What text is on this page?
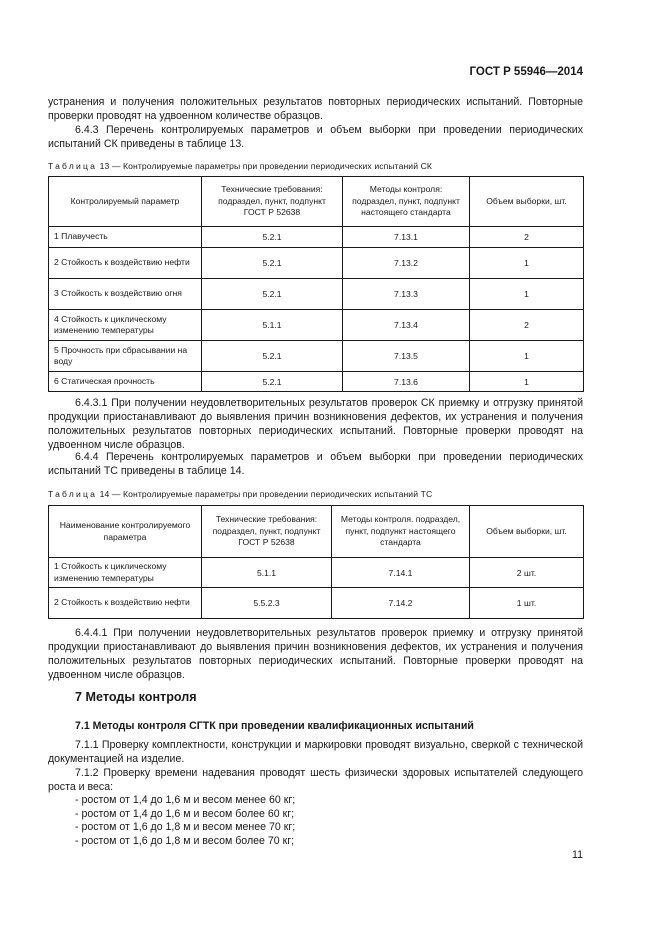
ГОСТ Р 55946—2014

устранения и получения положительных результатов повторных периодических испытаний. Повторные проверки проводят на удвоенном количестве образцов.

6.4.3 Перечень контролируемых параметров и объем выборки при проведении периодических испытаний СК приведены в таблице 13.

Таблица 13 — Контролируемые параметры при проведении периодических испытаний СК
Контролируемый параметр	Технические требования: подраздел, пункт, подпункт ГОСТ Р 52638	Методы контроля: подраздел, пункт, подпункт настоящего стандарта	Объем выборки, шт.
1 Плавучесть	5.2.1	7.13.1	2
2 Стойкость к воздействию нефти	5.2.1	7.13.2	1
3 Стойкость к воздействию огня	5.2.1	7.13.3	1
4 Стойкость к циклическому изменению температуры	5.1.1	7.13.4	2
5 Прочность при сбрасывании на воду	5.2.1	7.13.5	1
6 Статическая прочность	5.2.1	7.13.6	1

6.4.3.1 При получении неудовлетворительных результатов проверок СК приемку и отгрузку принятой продукции приостанавливают до выявления причин возникновения дефектов, их устранения и получения положительных результатов повторных периодических испытаний. Повторные проверки проводят на удвоенном числе образцов.

6.4.4 Перечень контролируемых параметров и объем выборки при проведении периодических испытаний ТС приведены в таблице 14.

Таблица 14 — Контролируемые параметры при проведении периодических испытаний ТС
Наименование контролируемого параметра	Технические требования: подраздел, пункт, подпункт ГОСТ Р 52638	Методы контроля. подраздел, пункт, подпункт настоящего стандарта	Объем выборки, шт.
1 Стойкость к циклическому изменению температуры	5.1.1	7.14.1	2 шт.
2 Стойкость к воздействию нефти	5.5.2.3	7.14.2	1 шт.

6.4.4.1 При получении неудовлетворительных результатов проверок приемку и отгрузку принятой продукции приостанавливают до выявления причин возникновения дефектов, их устранения и получения положительных результатов повторных периодических испытаний. Повторные проверки проводят на удвоенном числе образцов.

7 Методы контроля
7.1 Методы контроля СГТК при проведении квалификационных испытаний

7.1.1 Проверку комплектности, конструкции и маркировки проводят визуально, сверкой с технической документацией на изделие.

7.1.2 Проверку времени надевания проводят шесть физически здоровых испытателей следующего роста и веса:

- ростом от 1,4 до 1,6 м и весом менее 60 кг;
- ростом от 1,4 до 1,6 м и весом более 60 кг;
- ростом от 1,6 до 1,8 м и весом менее 70 кг;
- ростом от 1,6 до 1,8 м и весом более 70 кг;
11
